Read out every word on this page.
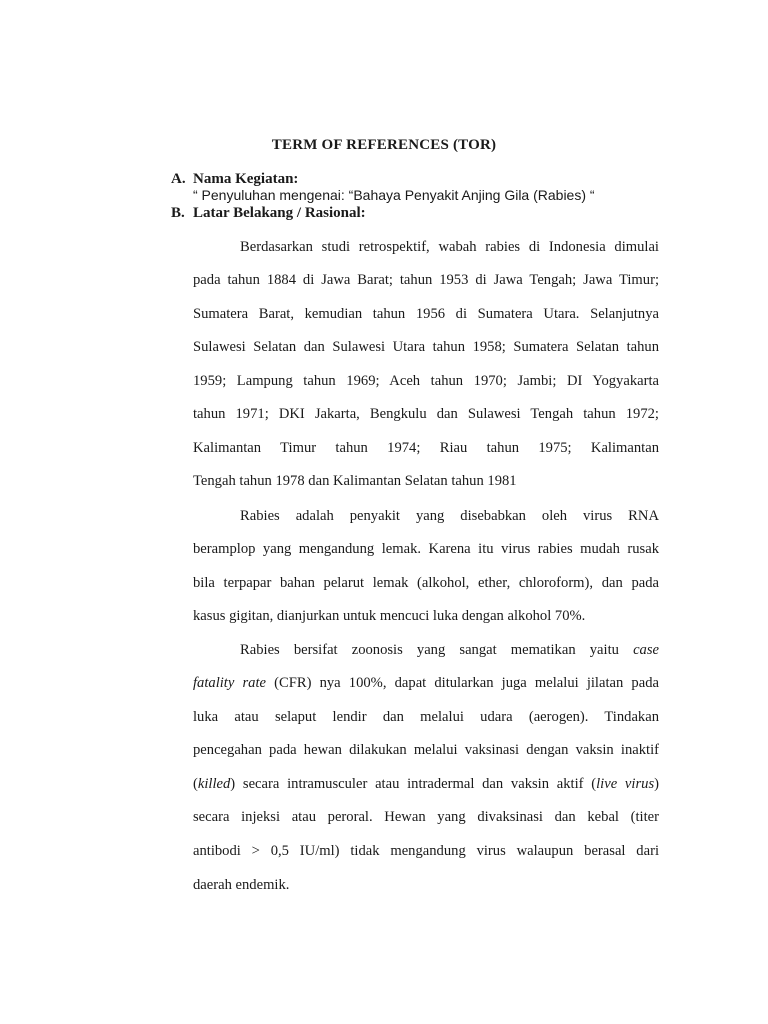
TERM OF REFERENCES (TOR)
A. Nama Kegiatan:
“ Penyuluhan mengenai: “Bahaya Penyakit Anjing Gila (Rabies) “
B. Latar Belakang / Rasional:
Berdasarkan studi retrospektif, wabah rabies di Indonesia dimulai
pada tahun 1884 di Jawa Barat; tahun 1953 di Jawa Tengah; Jawa Timur;
Sumatera Barat, kemudian tahun 1956 di Sumatera Utara. Selanjutnya
Sulawesi Selatan dan Sulawesi Utara tahun 1958; Sumatera Selatan tahun
1959; Lampung tahun 1969; Aceh tahun 1970; Jambi; DI Yogyakarta
tahun 1971; DKI Jakarta, Bengkulu dan Sulawesi Tengah tahun 1972;
Kalimantan Timur tahun 1974; Riau tahun 1975; Kalimantan
Tengah tahun 1978 dan Kalimantan Selatan tahun 1981
Rabies adalah penyakit yang disebabkan oleh virus RNA
beramplop yang mengandung lemak. Karena itu virus rabies mudah rusak
bila terpapar bahan pelarut lemak (alkohol, ether, chloroform), dan pada
kasus gigitan, dianjurkan untuk mencuci luka dengan alkohol 70%.
Rabies bersifat zoonosis yang sangat mematikan yaitu case
fatality rate (CFR) nya 100%, dapat ditularkan juga melalui jilatan pada
luka atau selaput lendir dan melalui udara (aerogen). Tindakan
pencegahan pada hewan dilakukan melalui vaksinasi dengan vaksin inaktif
(killed) secara intramusculer atau intradermal dan vaksin aktif (live virus)
secara injeksi atau peroral. Hewan yang divaksinasi dan kebal (titer
antibodi > 0,5 IU/ml) tidak mengandung virus walaupun berasal dari
daerah endemik.
